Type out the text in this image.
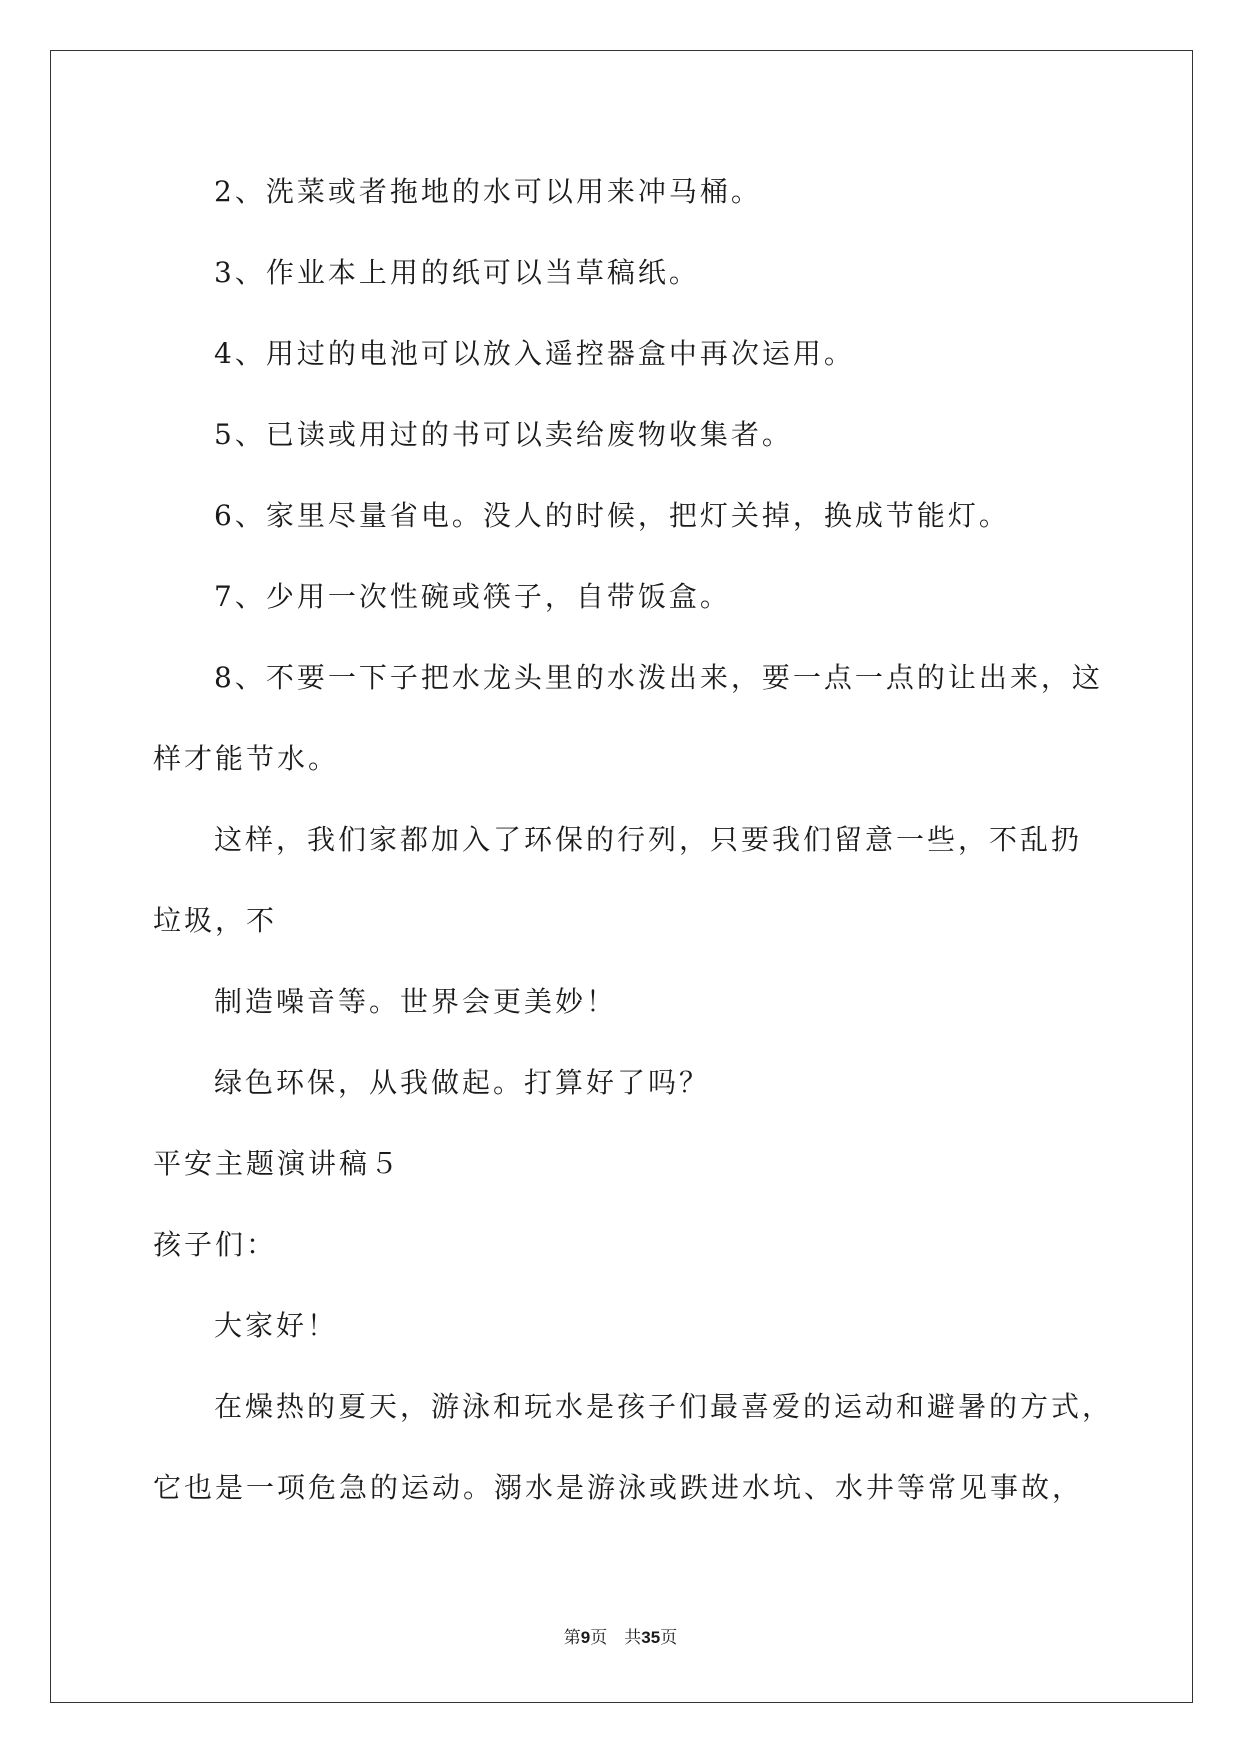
2、洗菜或者拖地的水可以用来冲马桶。
3、作业本上用的纸可以当草稿纸。
4、用过的电池可以放入遥控器盒中再次运用。
5、已读或用过的书可以卖给废物收集者。
6、家里尽量省电。没人的时候，把灯关掉，换成节能灯。
7、少用一次性碗或筷子，自带饭盒。
8、不要一下子把水龙头里的水泼出来，要一点一点的让出来，这
样才能节水。
这样，我们家都加入了环保的行列，只要我们留意一些，不乱扔
垃圾，不
制造噪音等。世界会更美妙！
绿色环保，从我做起。打算好了吗？
平安主题演讲稿５
孩子们：
大家好！
在燥热的夏天，游泳和玩水是孩子们最喜爱的运动和避暑的方式，
它也是一项危急的运动。溺水是游泳或跌进水坑、水井等常见事故，
第9页　共35页
